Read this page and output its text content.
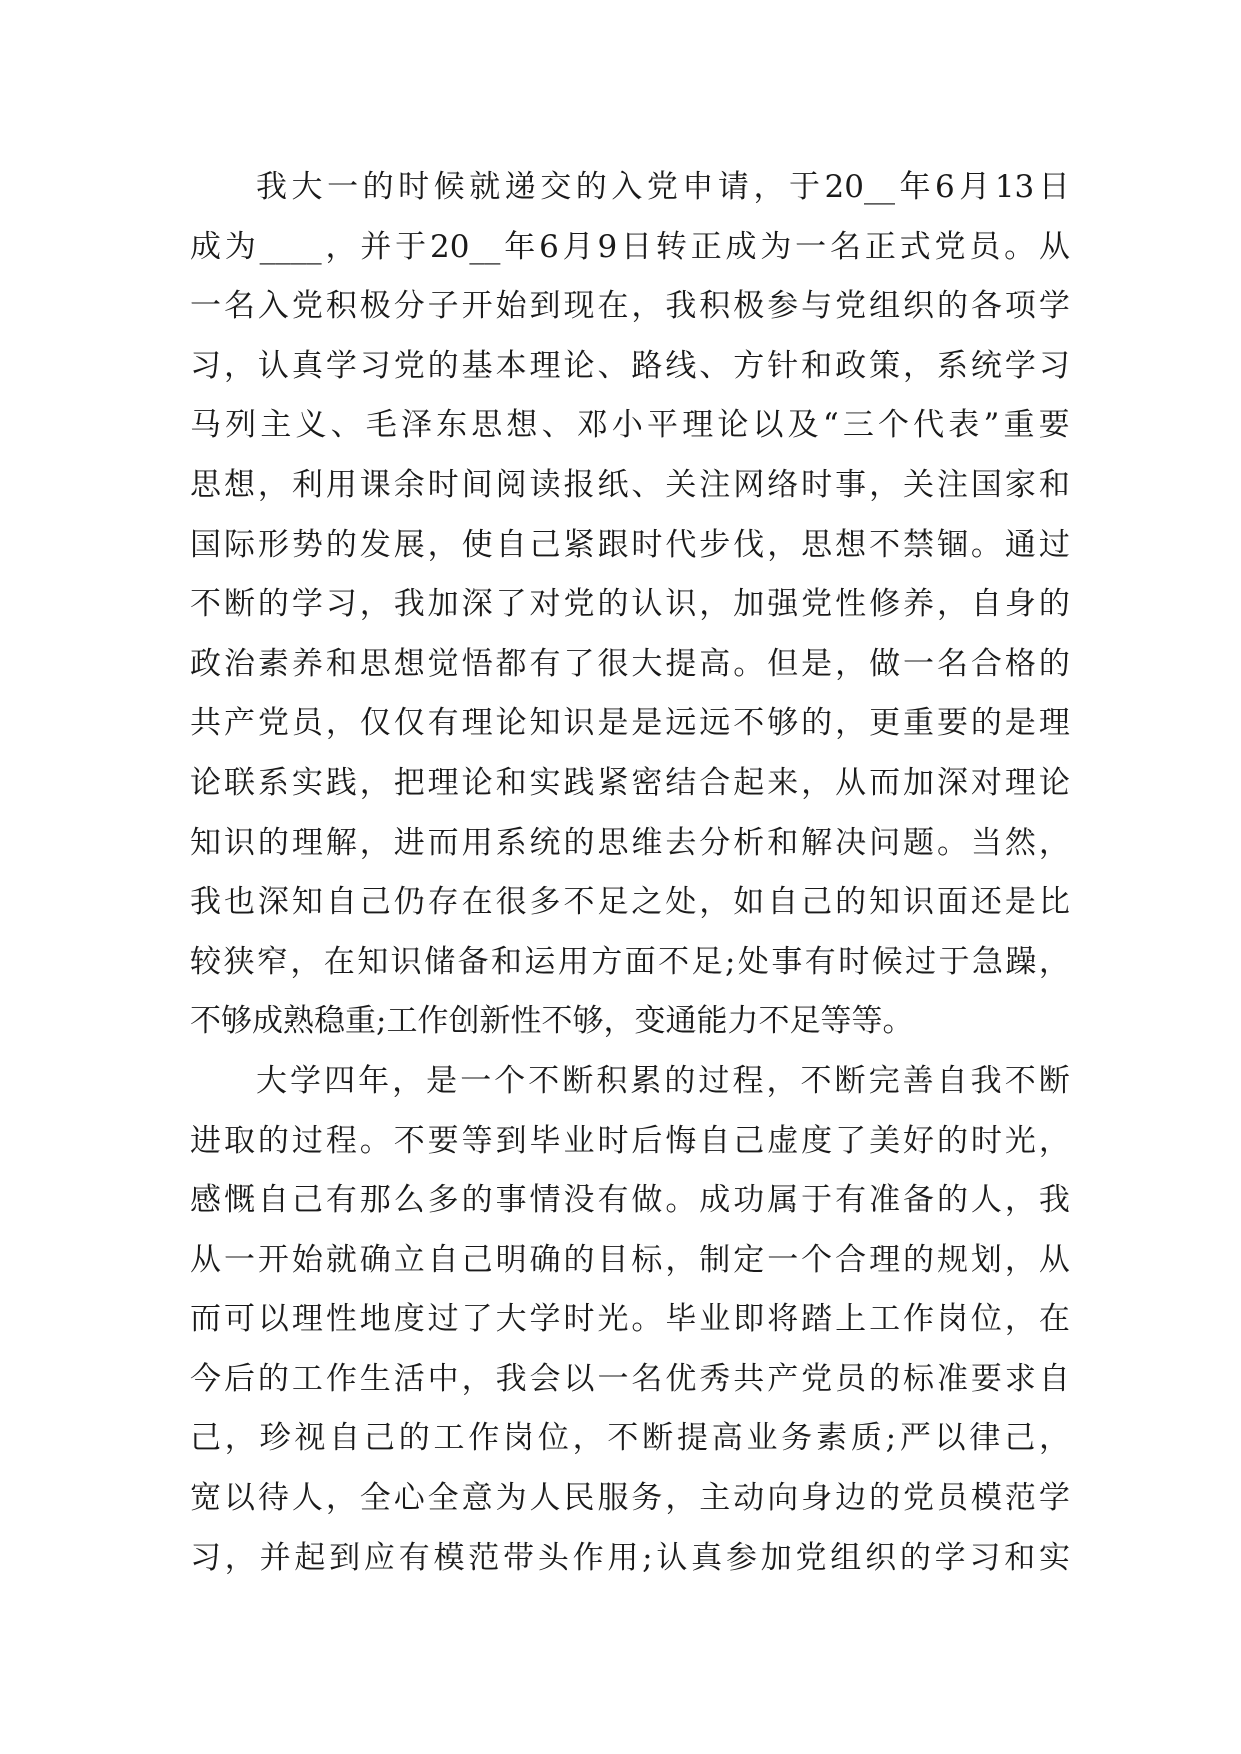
我 大 一 的 时 候 就 递 交 的 入 党 申 请 ， 于 20__ 年 6 月 13 日
成 为 ____ ， 并 于 20__ 年 6 月 9 日 转 正 成 为 一 名 正 式 党 员 。 从
一 名 入 党 积 极 分 子 开 始 到 现 在 ， 我 积 极 参 与 党 组 织 的 各 项 学
习 ， 认 真 学 习 党 的 基 本 理 论 、 路 线 、 方 针 和 政 策 ， 系 统 学 习
马 列 主 义 、 毛 泽 东 思 想 、 邓 小 平 理 论 以 及 “ 三 个 代 表 ” 重 要
思 想 ， 利 用 课 余 时 间 阅 读 报 纸 、 关 注 网 络 时 事 ， 关 注 国 家 和
国 际 形 势 的 发 展 ， 使 自 己 紧 跟 时 代 步 伐 ， 思 想 不 禁 锢 。 通 过
不 断 的 学 习 ， 我 加 深 了 对 党 的 认 识 ， 加 强 党 性 修 养 ， 自 身 的
政 治 素 养 和 思 想 觉 悟 都 有 了 很 大 提 高 。 但 是 ， 做 一 名 合 格 的
共 产 党 员 ， 仅 仅 有 理 论 知 识 是 是 远 远 不 够 的 ， 更 重 要 的 是 理
论 联 系 实 践 ， 把 理 论 和 实 践 紧 密 结 合 起 来 ， 从 而 加 深 对 理 论
知 识 的 理 解 ， 进 而 用 系 统 的 思 维 去 分 析 和 解 决 问 题 。 当 然 ，
我 也 深 知 自 己 仍 存 在 很 多 不 足 之 处 ， 如 自 己 的 知 识 面 还 是 比
较 狭 窄 ， 在 知 识 储 备 和 运 用 方 面 不 足 ; 处 事 有 时 候 过 于 急 躁 ，
不够成熟稳重;工作创新性不够，变通能力不足等等。
大 学 四 年 ， 是 一 个 不 断 积 累 的 过 程 ， 不 断 完 善 自 我 不 断
进 取 的 过 程 。 不 要 等 到 毕 业 时 后 悔 自 己 虚 度 了 美 好 的 时 光 ，
感 慨 自 己 有 那 么 多 的 事 情 没 有 做 。 成 功 属 于 有 准 备 的 人 ， 我
从 一 开 始 就 确 立 自 己 明 确 的 目 标 ， 制 定 一 个 合 理 的 规 划 ， 从
而 可 以 理 性 地 度 过 了 大 学 时 光 。 毕 业 即 将 踏 上 工 作 岗 位 ， 在
今 后 的 工 作 生 活 中 ， 我 会 以 一 名 优 秀 共 产 党 员 的 标 准 要 求 自
己 ， 珍 视 自 己 的 工 作 岗 位 ， 不 断 提 高 业 务 素 质 ; 严 以 律 己 ，
宽 以 待 人 ， 全 心 全 意 为 人 民 服 务 ， 主 动 向 身 边 的 党 员 模 范 学
习 ， 并 起 到 应 有 模 范 带 头 作 用 ; 认 真 参 加 党 组 织 的 学 习 和 实
